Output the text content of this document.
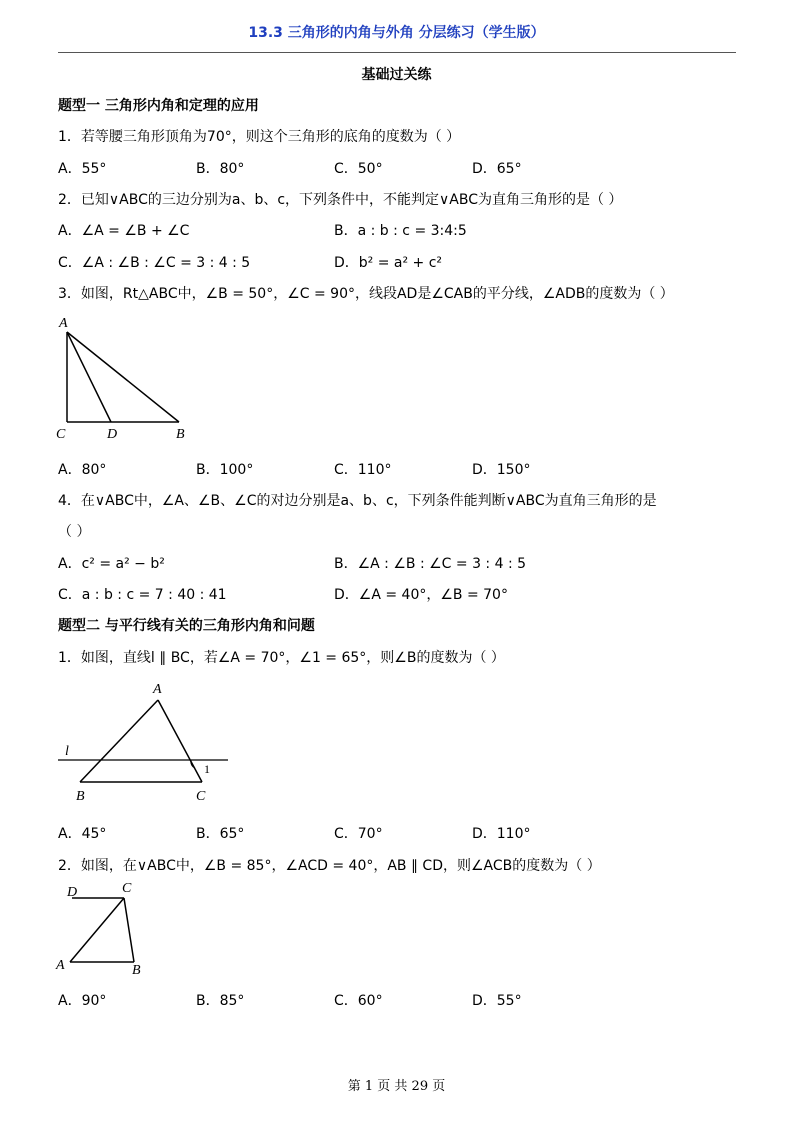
13.3 三角形的内角与外角 分层练习（学生版）
基础过关练
题型一 三角形内角和定理的应用
1．若等腰三角形顶角为70°，则这个三角形的底角的度数为（ ）
A．55°	B．80°	C．50°	D．65°
2．已知∨ABC的三边分别为a、b、c，下列条件中，不能判定∨ABC为直角三角形的是（ ）
A．∠A = ∠B + ∠C	B．a : b : c = 3:4:5
C．∠A : ∠B : ∠C = 3 : 4 : 5	D．b² = a² + c²
3．如图，Rt△ABC中，∠B = 50°，∠C = 90°，线段AD是∠CAB的平分线，∠ADB的度数为（ ）
A
C	D	B
A．80°	B．100°	C．110°	D．150°
4．在∨ABC中，∠A、∠B、∠C的对边分别是a、b、c，下列条件能判断∨ABC为直角三角形的是
（ ）
A．c² = a² − b²	B．∠A : ∠B : ∠C = 3 : 4 : 5
C．a : b : c = 7 : 40 : 41	D．∠A = 40°，∠B = 70°
题型二 与平行线有关的三角形内角和问题
1．如图，直线l ∥ BC，若∠A = 70°，∠1 = 65°，则∠B的度数为（ ）
A
l
1
B	C
A．45°	B．65°	C．70°	D．110°
2．如图，在∨ABC中，∠B = 85°，∠ACD = 40°，AB ∥ CD，则∠ACB的度数为（ ）
D	C
A	B
A．90°	B．85°	C．60°	D．55°
第 1 页 共 29 页
